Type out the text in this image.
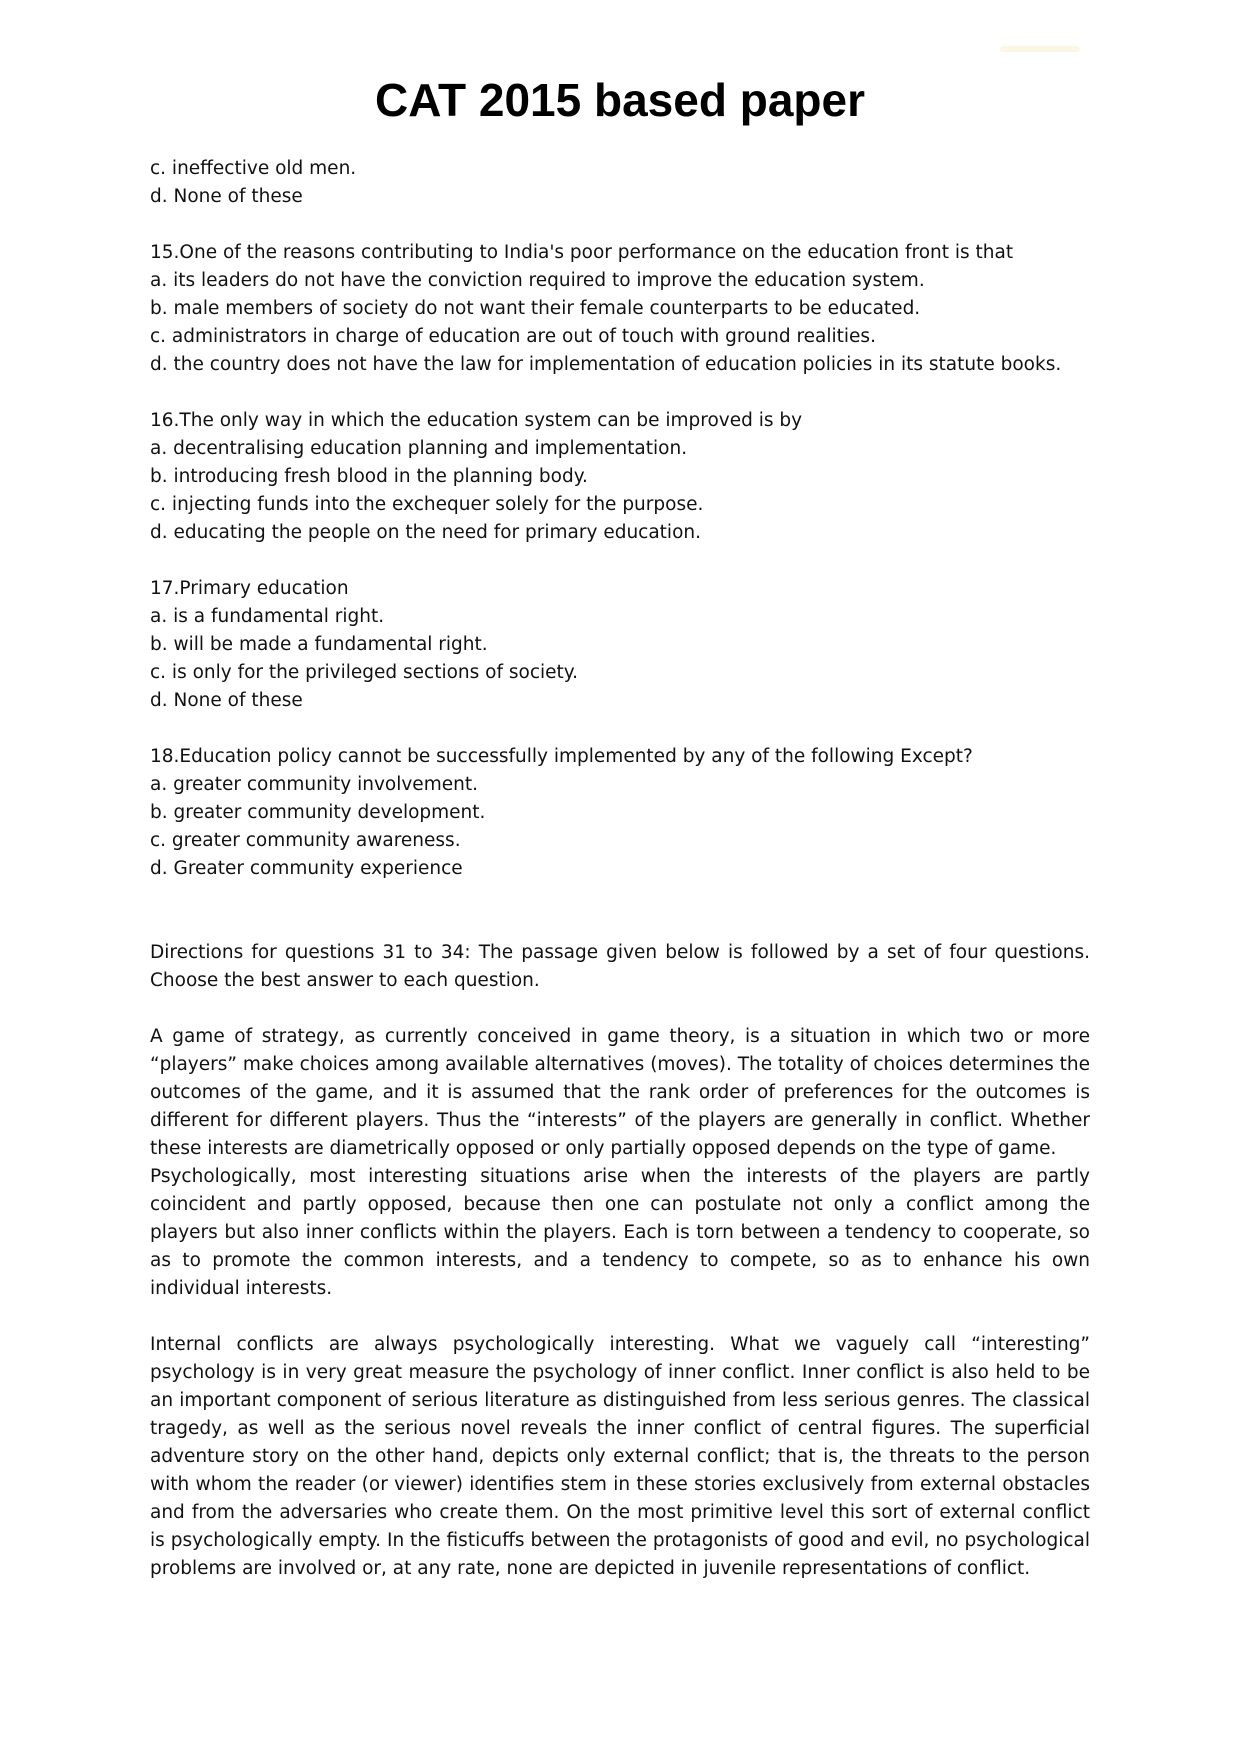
CAT 2015 based paper

c. ineffective old men.

d. None of these

15.One of the reasons contributing to India's poor performance on the education front is that

a. its leaders do not have the conviction required to improve the education system.

b. male members of society do not want their female counterparts to be educated.

c. administrators in charge of education are out of touch with ground realities.

d. the country does not have the law for implementation of education policies in its statute books.

16.The only way in which the education system can be improved is by

a. decentralising education planning and implementation.

b. introducing fresh blood in the planning body.

c. injecting funds into the exchequer solely for the purpose.

d. educating the people on the need for primary education.

17.Primary education

a. is a fundamental right.

b. will be made a fundamental right.

c. is only for the privileged sections of society.

d. None of these

18.Education policy cannot be successfully implemented by any of the following Except?

a. greater community involvement.

b. greater community development.

c. greater community awareness.

d. Greater community experience

Directions for questions 31 to 34: The passage given below is followed by a set of four questions. Choose the best answer to each question.

A game of strategy, as currently conceived in game theory, is a situation in which two or more “players” make choices among available alternatives (moves). The totality of choices determines the outcomes of the game, and it is assumed that the rank order of preferences for the outcomes is different for different players. Thus the “interests” of the players are generally in conflict. Whether these interests are diametrically opposed or only partially opposed depends on the type of game.

Psychologically, most interesting situations arise when the interests of the players are partly coincident and partly opposed, because then one can postulate not only a conflict among the players but also inner conflicts within the players. Each is torn between a tendency to cooperate, so as to promote the common interests, and a tendency to compete, so as to enhance his own individual interests.

Internal conflicts are always psychologically interesting. What we vaguely call “interesting” psychology is in very great measure the psychology of inner conflict. Inner conflict is also held to be an important component of serious literature as distinguished from less serious genres. The classical tragedy, as well as the serious novel reveals the inner conflict of central figures. The superficial adventure story on the other hand, depicts only external conflict; that is, the threats to the person with whom the reader (or viewer) identifies stem in these stories exclusively from external obstacles and from the adversaries who create them. On the most primitive level this sort of external conflict is psychologically empty. In the fisticuffs between the protagonists of good and evil, no psychological problems are involved or, at any rate, none are depicted in juvenile representations of conflict.
